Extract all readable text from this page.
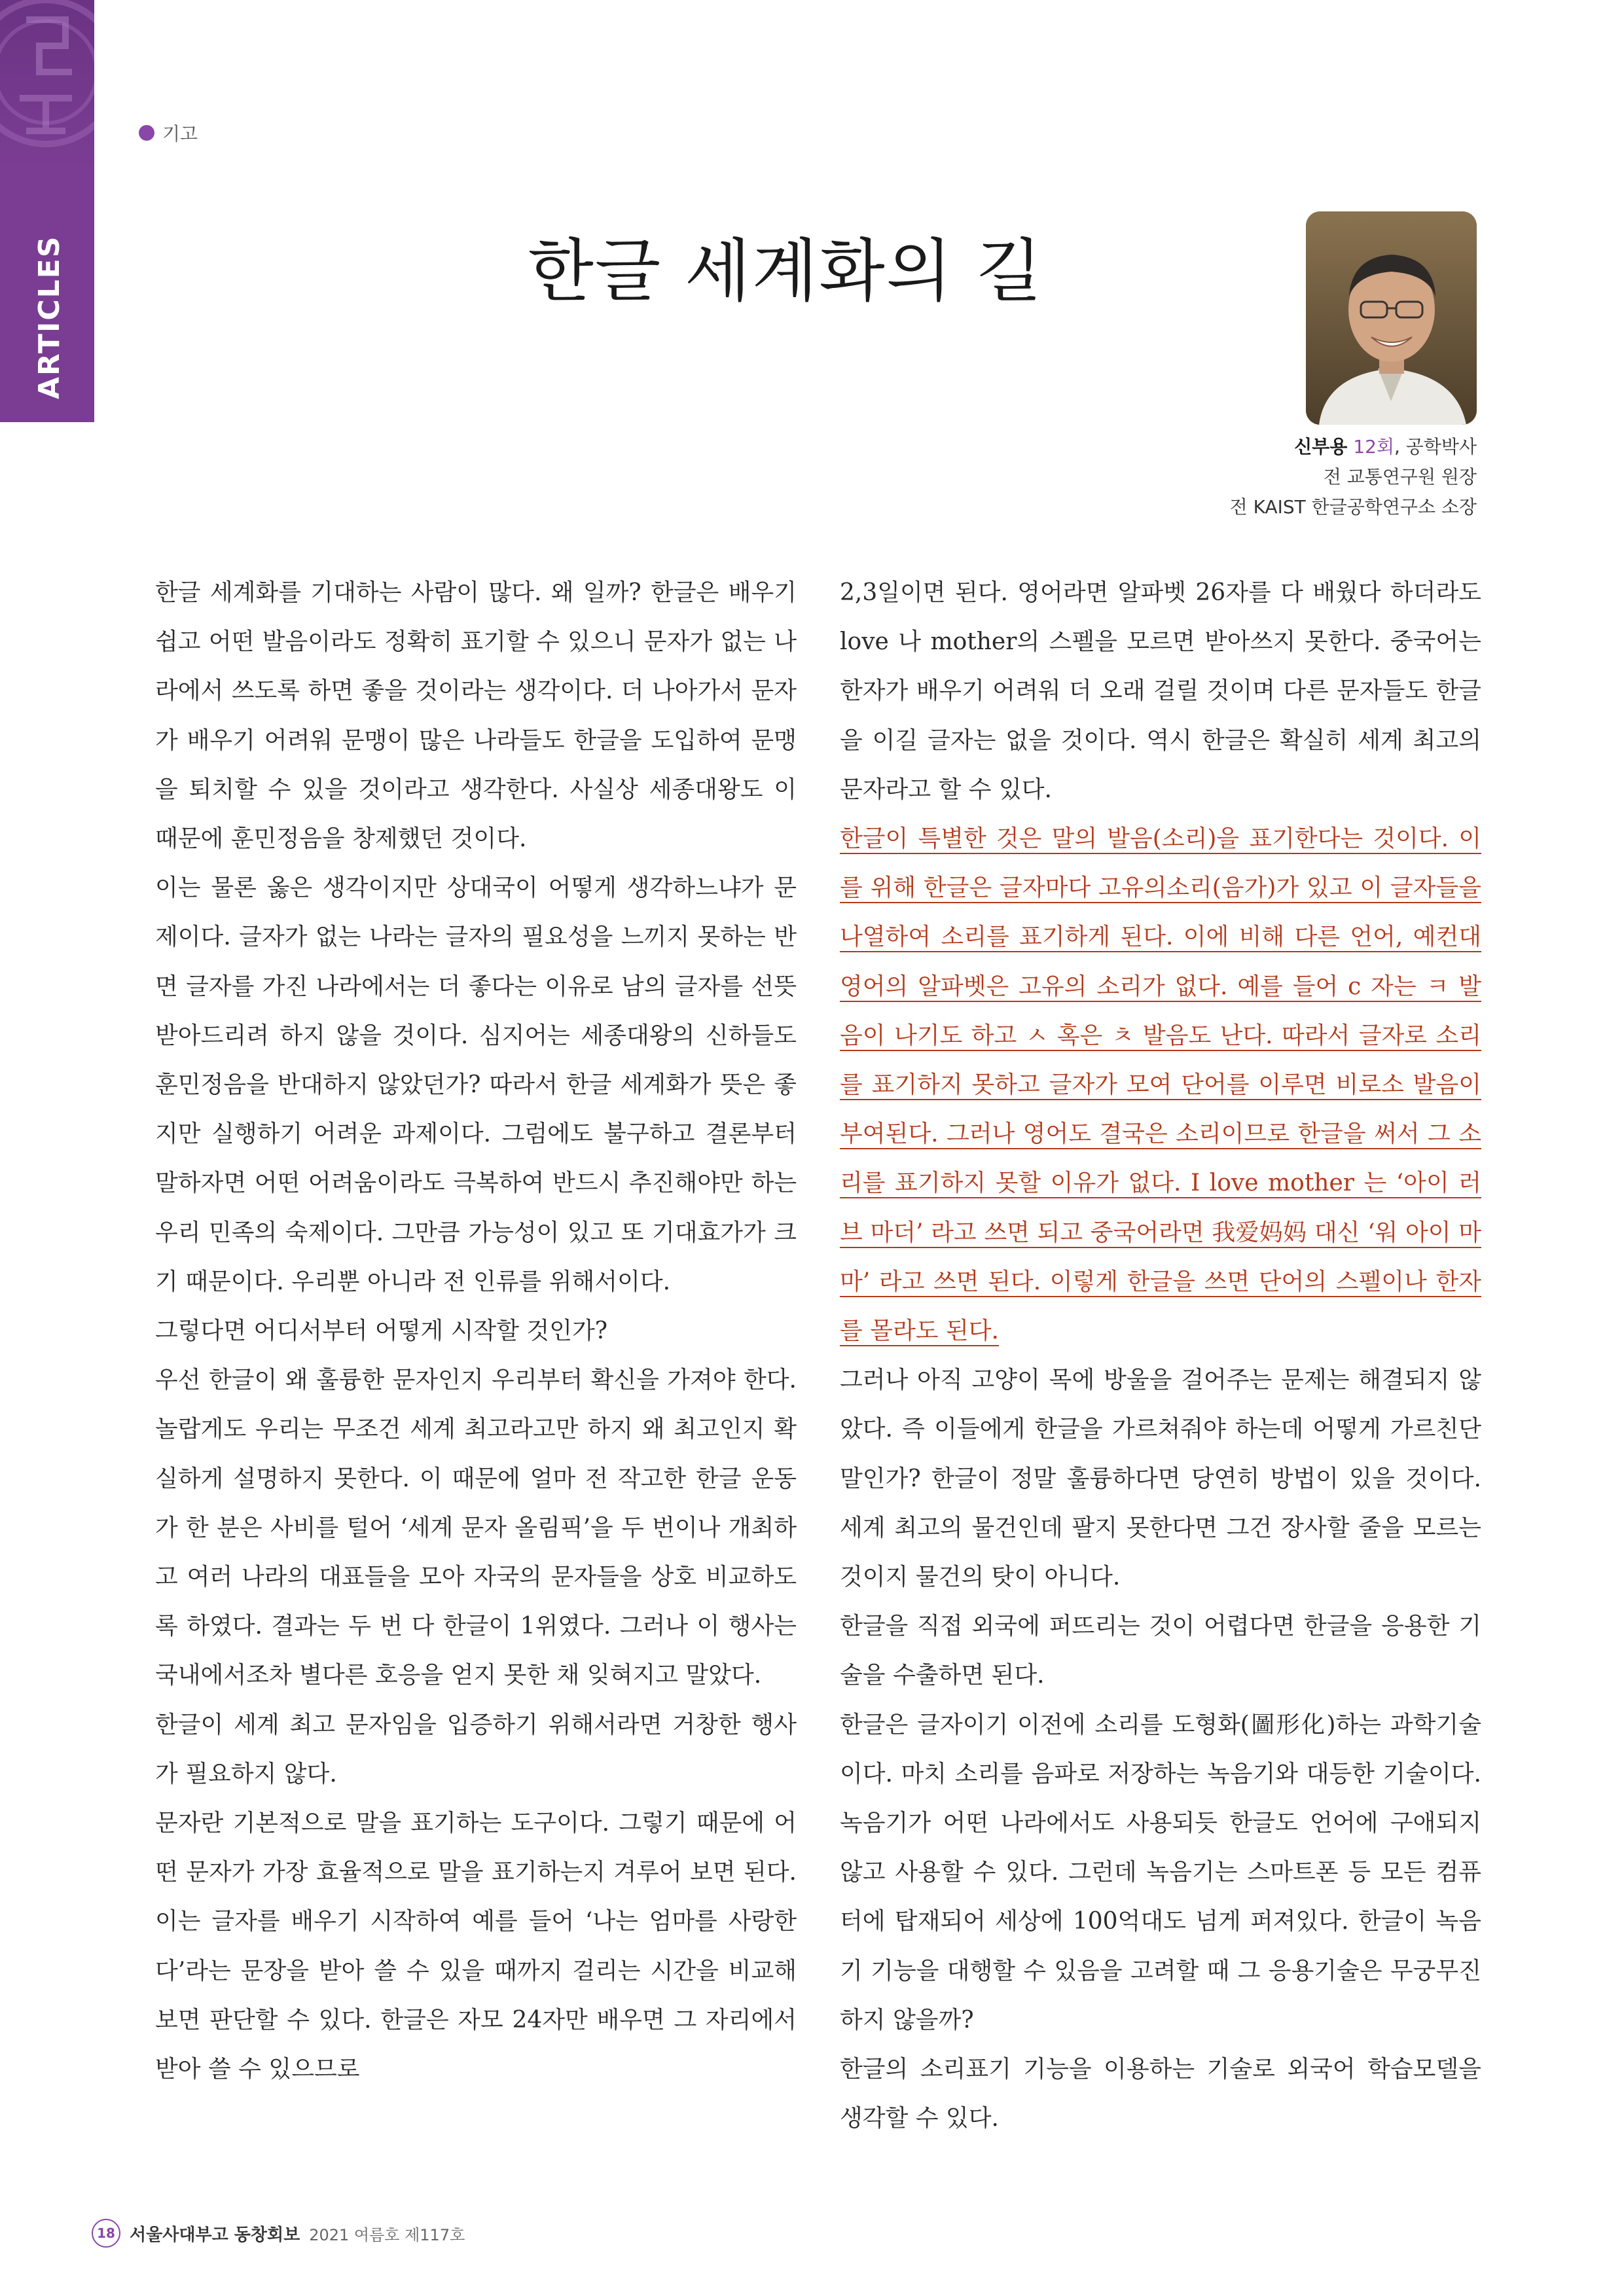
ARTICLES
기고
한글 세계화의 길
신부용 12회, 공학박사
전 교통연구원 원장
전 KAIST 한글공학연구소 소장

한글 세계화를 기대하는 사람이 많다. 왜 일까? 한글은 배우기 쉽고 어떤 발음이라도 정확히 표기할 수 있으니 문자가 없는 나라에서 쓰도록 하면 좋을 것이라는 생각이다. 더 나아가서 문자가 배우기 어려워 문맹이 많은 나라들도 한글을 도입하여 문맹을 퇴치할 수 있을 것이라고 생각한다. 사실상 세종대왕도 이 때문에 훈민정음을 창제했던 것이다.

이는 물론 옳은 생각이지만 상대국이 어떻게 생각하느냐가 문제이다. 글자가 없는 나라는 글자의 필요성을 느끼지 못하는 반면 글자를 가진 나라에서는 더 좋다는 이유로 남의 글자를 선뜻 받아드리려 하지 않을 것이다. 심지어는 세종대왕의 신하들도 훈민정음을 반대하지 않았던가? 따라서 한글 세계화가 뜻은 좋지만 실행하기 어려운 과제이다. 그럼에도 불구하고 결론부터 말하자면 어떤 어려움이라도 극복하여 반드시 추진해야만 하는 우리 민족의 숙제이다. 그만큼 가능성이 있고 또 기대효가가 크기 때문이다. 우리뿐 아니라 전 인류를 위해서이다.

그렇다면 어디서부터 어떻게 시작할 것인가?

우선 한글이 왜 훌륭한 문자인지 우리부터 확신을 가져야 한다. 놀랍게도 우리는 무조건 세계 최고라고만 하지 왜 최고인지 확실하게 설명하지 못한다. 이 때문에 얼마 전 작고한 한글 운동가 한 분은 사비를 털어 ‘세계 문자 올림픽’을 두 번이나 개최하고 여러 나라의 대표들을 모아 자국의 문자들을 상호 비교하도록 하였다. 결과는 두 번 다 한글이 1위였다. 그러나 이 행사는 국내에서조차 별다른 호응을 얻지 못한 채 잊혀지고 말았다.

한글이 세계 최고 문자임을 입증하기 위해서라면 거창한 행사가 필요하지 않다.

문자란 기본적으로 말을 표기하는 도구이다. 그렇기 때문에 어떤 문자가 가장 효율적으로 말을 표기하는지 겨루어 보면 된다. 이는 글자를 배우기 시작하여 예를 들어 ‘나는 엄마를 사랑한다’라는 문장을 받아 쓸 수 있을 때까지 걸리는 시간을 비교해 보면 판단할 수 있다. 한글은 자모 24자만 배우면 그 자리에서 받아 쓸 수 있으므로

2,3일이면 된다. 영어라면 알파벳 26자를 다 배웠다 하더라도 love 나 mother의 스펠을 모르면 받아쓰지 못한다. 중국어는 한자가 배우기 어려워 더 오래 걸릴 것이며 다른 문자들도 한글을 이길 글자는 없을 것이다. 역시 한글은 확실히 세계 최고의 문자라고 할 수 있다.

한글이 특별한 것은 말의 발음(소리)을 표기한다는 것이다. 이를 위해 한글은 글자마다 고유의소리(음가)가 있고 이 글자들을 나열하여 소리를 표기하게 된다. 이에 비해 다른 언어, 예컨대 영어의 알파벳은 고유의 소리가 없다. 예를 들어 c 자는 ㅋ 발음이 나기도 하고 ㅅ 혹은 ㅊ 발음도 난다. 따라서 글자로 소리를 표기하지 못하고 글자가 모여 단어를 이루면 비로소 발음이 부여된다. 그러나 영어도 결국은 소리이므로 한글을 써서 그 소리를 표기하지 못할 이유가 없다. I love mother 는 ‘아이 러브 마더’ 라고 쓰면 되고 중국어라면 我爱妈妈 대신 ‘워 아이 마마’ 라고 쓰면 된다. 이렇게 한글을 쓰면 단어의 스펠이나 한자를 몰라도 된다.

그러나 아직 고양이 목에 방울을 걸어주는 문제는 해결되지 않았다. 즉 이들에게 한글을 가르쳐줘야 하는데 어떻게 가르친단 말인가? 한글이 정말 훌륭하다면 당연히 방법이 있을 것이다. 세계 최고의 물건인데 팔지 못한다면 그건 장사할 줄을 모르는 것이지 물건의 탓이 아니다.

한글을 직접 외국에 퍼뜨리는 것이 어렵다면 한글을 응용한 기술을 수출하면 된다.

한글은 글자이기 이전에 소리를 도형화(圖形化)하는 과학기술이다. 마치 소리를 음파로 저장하는 녹음기와 대등한 기술이다. 녹음기가 어떤 나라에서도 사용되듯 한글도 언어에 구애되지 않고 사용할 수 있다. 그런데 녹음기는 스마트폰 등 모든 컴퓨터에 탑재되어 세상에 100억대도 넘게 퍼져있다. 한글이 녹음기 기능을 대행할 수 있음을 고려할 때 그 응용기술은 무궁무진하지 않을까?

한글의 소리표기 기능을 이용하는 기술로 외국어 학습모델을 생각할 수 있다.

18 서울사대부고 동창회보 2021 여름호 제117호
